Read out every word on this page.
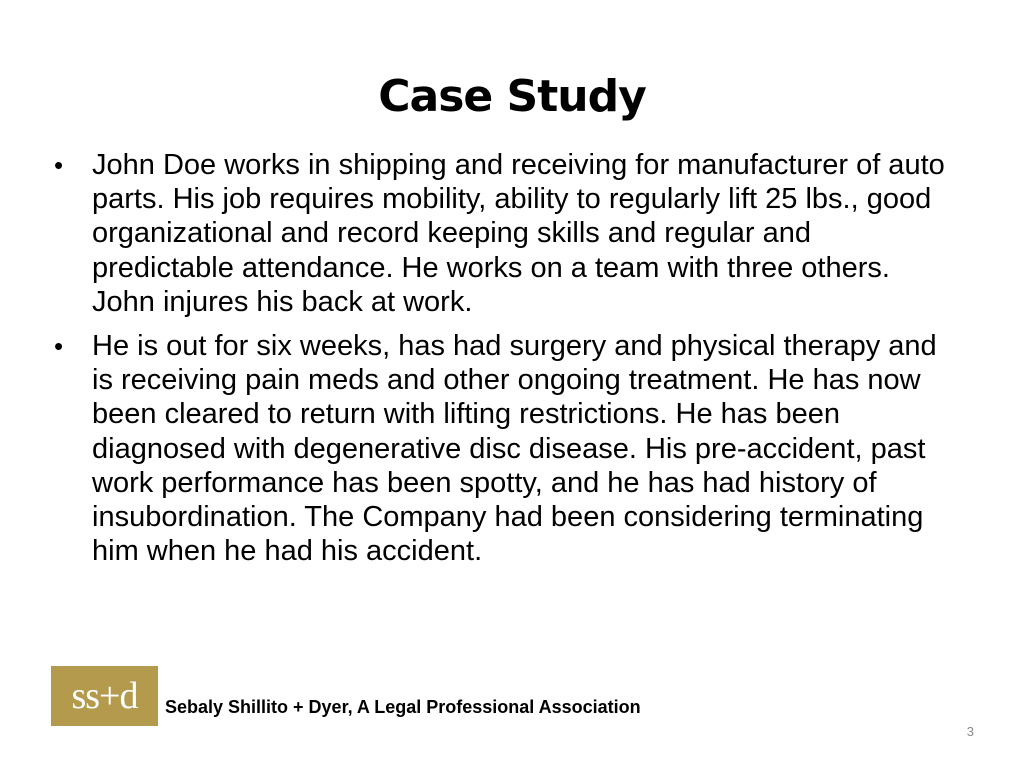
Case Study
• John Doe works in shipping and receiving for manufacturer of auto parts. His job requires mobility, ability to regularly lift 25 lbs., good organizational and record keeping skills and regular and predictable attendance. He works on a team with three others. John injures his back at work.
• He is out for six weeks, has had surgery and physical therapy and is receiving pain meds and other ongoing treatment. He has now been cleared to return with lifting restrictions. He has been diagnosed with degenerative disc disease. His pre-accident, past work performance has been spotty, and he has had history of insubordination. The Company had been considering terminating him when he had his accident.
ss+d Sebaly Shillito + Dyer, A Legal Professional Association
3
